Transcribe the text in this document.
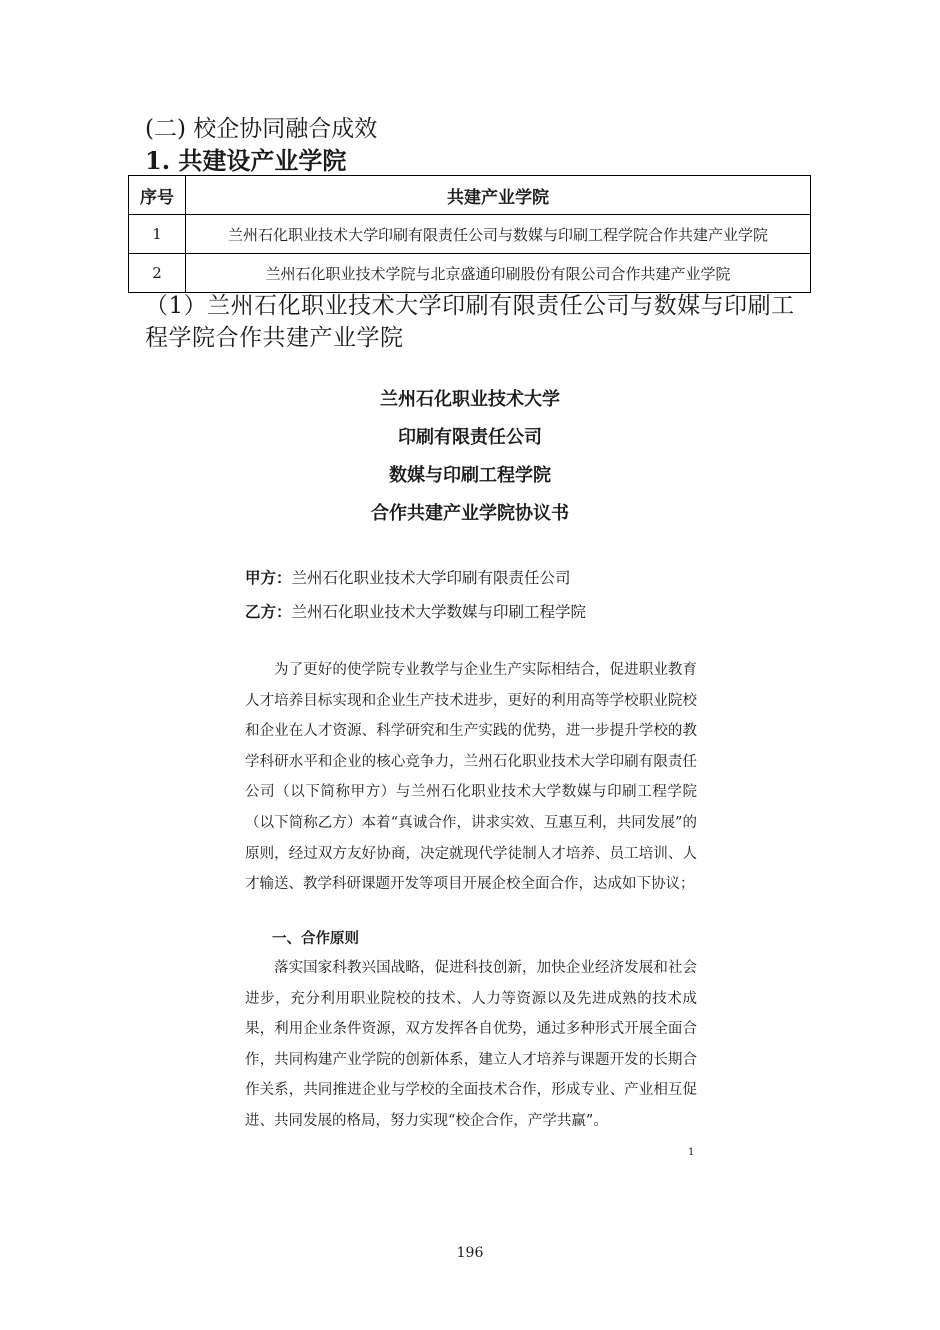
(二) 校企协同融合成效
1. 共建设产业学院
序号	共建产业学院
1	兰州石化职业技术大学印刷有限责任公司与数媒与印刷工程学院合作共建产业学院
2	兰州石化职业技术学院与北京盛通印刷股份有限公司合作共建产业学院
（1）兰州石化职业技术大学印刷有限责任公司与数媒与印刷工程学院合作共建产业学院
兰州石化职业技术大学
印刷有限责任公司
数媒与印刷工程学院
合作共建产业学院协议书
甲方：兰州石化职业技术大学印刷有限责任公司
乙方：兰州石化职业技术大学数媒与印刷工程学院
为了更好的使学院专业教学与企业生产实际相结合，促进职业教育人才培养目标实现和企业生产技术进步，更好的利用高等学校职业院校和企业在人才资源、科学研究和生产实践的优势，进一步提升学校的教学科研水平和企业的核心竞争力，兰州石化职业技术大学印刷有限责任公司（以下简称甲方）与兰州石化职业技术大学数媒与印刷工程学院（以下简称乙方）本着“真诚合作，讲求实效、互惠互利，共同发展”的原则，经过双方友好协商，决定就现代学徒制人才培养、员工培训、人才输送、教学科研课题开发等项目开展企校全面合作，达成如下协议；
一、合作原则
落实国家科教兴国战略，促进科技创新，加快企业经济发展和社会进步，充分利用职业院校的技术、人力等资源以及先进成熟的技术成果，利用企业条件资源，双方发挥各自优势，通过多种形式开展全面合作，共同构建产业学院的创新体系，建立人才培养与课题开发的长期合作关系，共同推进企业与学校的全面技术合作，形成专业、产业相互促进、共同发展的格局，努力实现“校企合作，产学共赢”。
1
196
